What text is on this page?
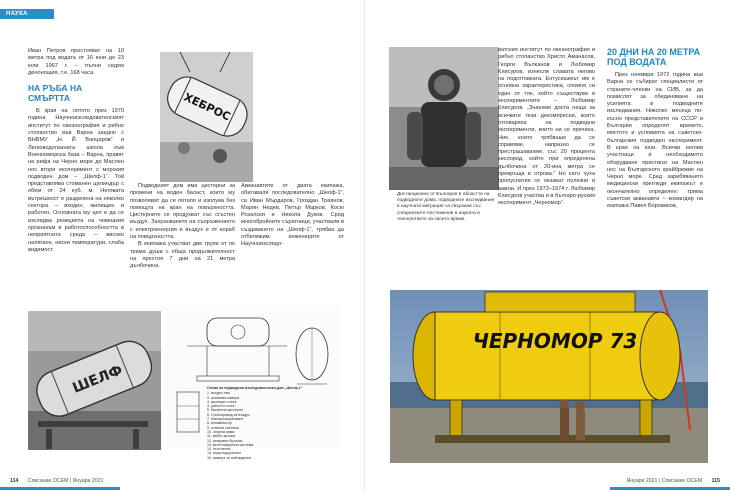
НАУКА

Иван Петров престояват на 10 метра под водата от 16 юни до 23 юли 1967 г. – пълни седем денонощия, т.е. 168 часа.

НА РЪБА НА СМЪРТТА

В края на лятото през 1970 година Научноизследователският институт по океанография и рибно стопанство във Варна заедно с ВНВМУ „Н. Й. Вапцаров“ и Легководолазната школа към Военноморска база – Варна, правят на рифа на Черно море до Маслен нос втори експеримент с морския подводен дом – „Шелф-1“. Той представлява стоманен цилиндър с обем от 24 куб. м. Неговата вътрешност е разделена на няколко сектора – входен, жилищен и работен. Основната му цел е да се изследва реакцията на човешкия организъм и работоспособността в неприятната среда – високо налягане, ниски температури, слаба видимост.

ХЕБРОС

Подводният дом има цистерни за промени на воден баласт, които му позволяват да се потапя и изплува без помощта на кран на повърхността. Цистерните се продухват със сгъстен въздух. Захранването на съоръжението с електроенергия и въздух е от кораб на повърхността.

В екипажа участват две групи от по трима души с обща продължителност на престоя 7 дни на 21 метра дълбочина.

Акванавтите от двата екипажа, обитавали последователно „Шелф-1“, са Иван Мърдаров, Гроздан Траянов, Марин Недев, Петър Марков, Косю Розалски и Никола Дуков. Сред многобройните съратници, участвали в създаването на „Шелф-1“, трябва да отбележим инженерите от Научноизследо-

ШЕЛФ	Схема на подводния изследователски дом „Шелф-1“
1. входен люк
2. шлюзова камера
3. жилищен отсек
4. работен отсек
5. баластни цистерни
6. тръбопровод за въздух
7. електрозахранване
8. илюминатор
9. котвена система
10. опорна рама
11. кабел-връзка
12. резервни бутилки
13. вентилационна система
14. отопление
15. водосъдържател
16. камера за наблюдение
114 Списание ОСЕМ | Януари 2021

ватския институт по океанография и рибно стопанство Христо Аманасов, Георги Вълканов и Любомир Клисуров, изнесли славата негово на подготовката. Ентусиазмът им е основна характеристика, спомня си един от тях, който съществува в експериментите – Любомир Клисуров. „Знаехме доста неща за всичките тези декомпресии, които отговаряха на подводни експерименти, които ни се пречиха. Ние, които трябваше да се справяме, напразно се престрашавахме, със 20 процента кислород, който при определена дълбочина от 20-ина метра се превръща в отрова.“ Но като чуха пропуснатия се оказват полезни и важни. И през 1973–1974 г. Любомир Клисуров участва и в българо-руския експеримент „Черномор“.

Дистанционно от България в областта на подводните дома, подводните изследвания в научната миграция са свързани със специалните постижения в науката и технологиите за своето време.
20 ДНИ НА 20 МЕТРА ПОД ВОДАТА

През ноември 1972 година във Варна се събират специалисти от страните-членки на СИВ, за да помислят за обединяване на усилията в подводните изследвания. Няколко месеца по-късно представителите на СССР и България определят времето, мястото и условията на съветско-българския подводен експеримент. В края на юни. Всички негови участници и необходимото оборудване пристигат на Маслен нос на Българското крайбрежие на Черно море. Сред зарибяването медицински прегледи екипажът е окончателно определен: трима съветски акванавти – командир на екипажа Павел Боровиков,

ЧЕРНОМОР 73
Януари 2021 | Списание ОСЕМ 115
